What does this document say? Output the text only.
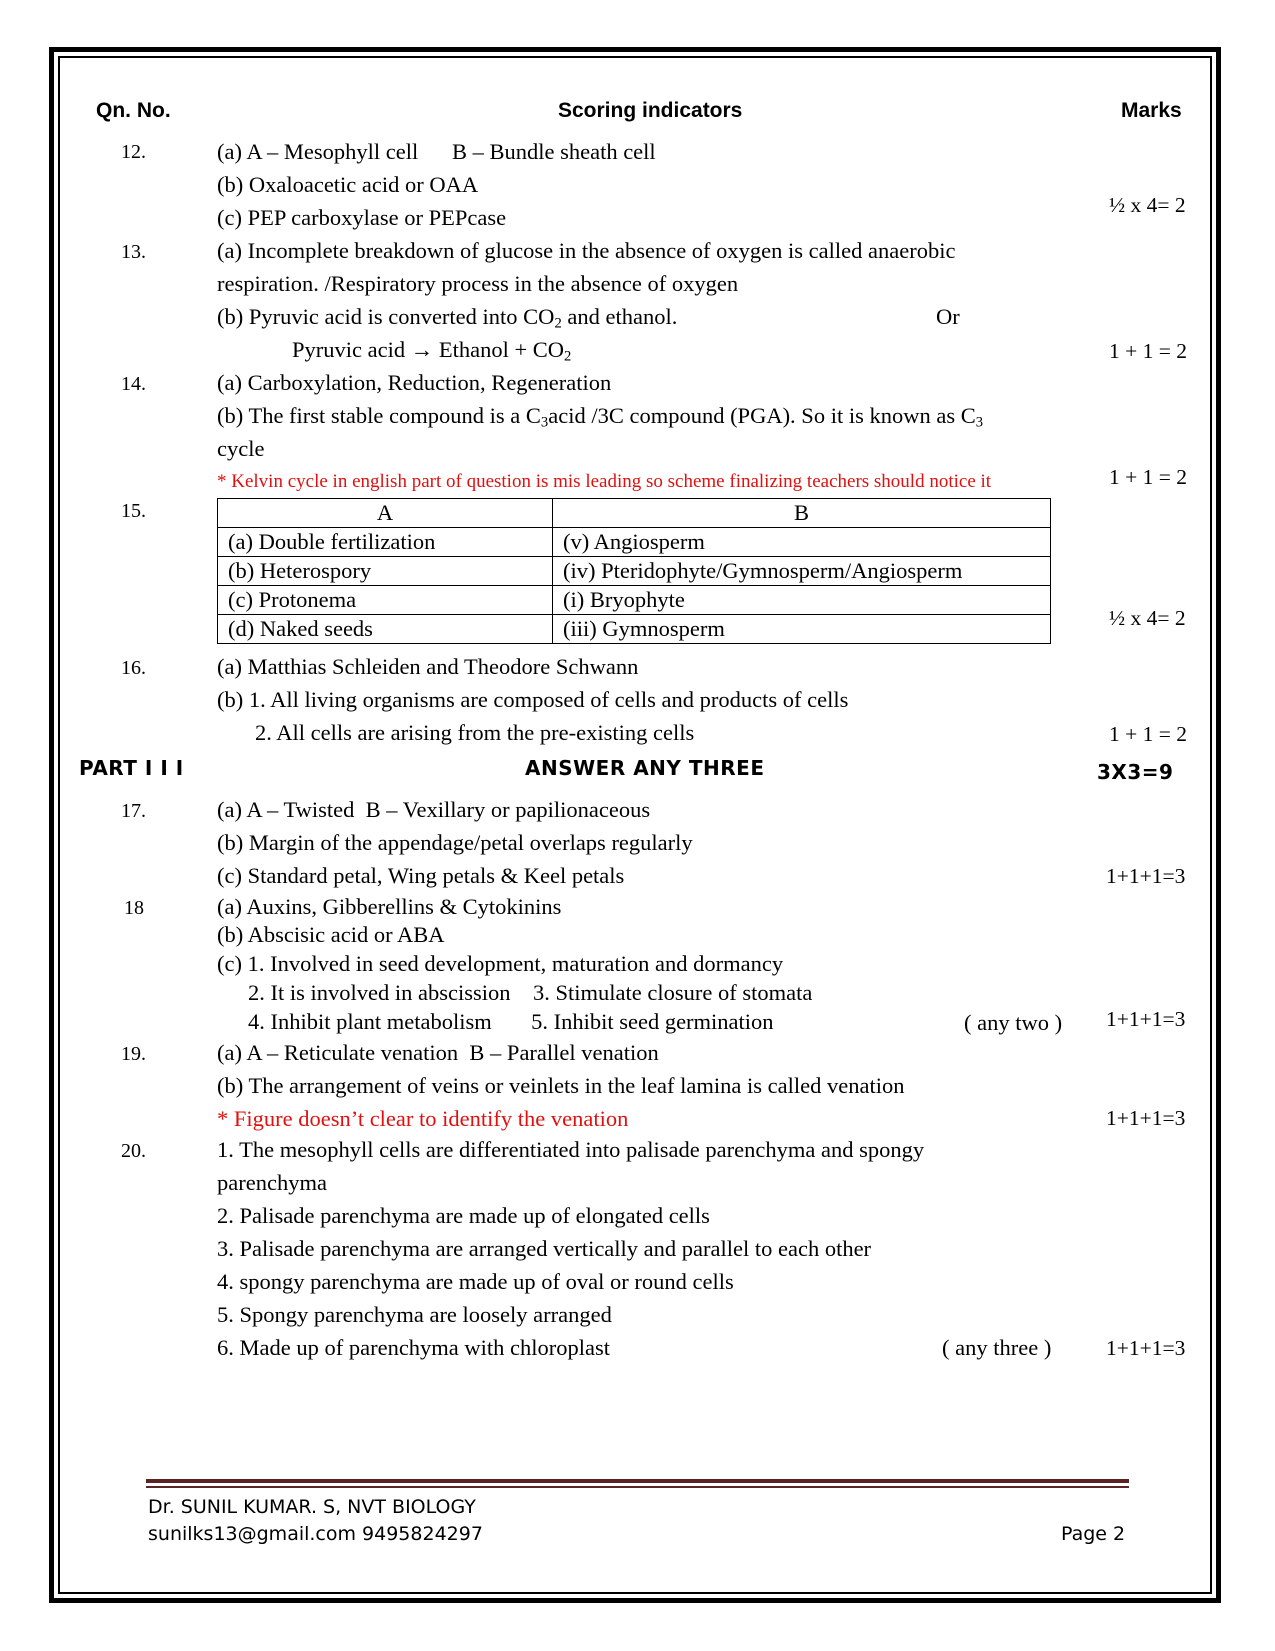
Qn. No.	Scoring indicators	Marks
12.	(a) A – Mesophyll cell      B – Bundle sheath cell
(b) Oxaloacetic acid or OAA
(c) PEP carboxylase or PEPcase	½ x 4= 2
13.	(a) Incomplete breakdown of glucose in the absence of oxygen is called anaerobic
respiration. /Respiratory process in the absence of oxygen
(b) Pyruvic acid is converted into $CO_2$ and ethanol.	Or
Pyruvic acid → Ethanol + $CO_2$	1 + 1 = 2
14.	(a) Carboxylation, Reduction, Regeneration
(b) The first stable compound is a $C_3acid$ /3C compound (PGA). So it is known as $C_3$
cycle
* Kelvin cycle in english part of question is mis leading so scheme finalizing teachers should notice it	1 + 1 = 2
15.	A	B
(a) Double fertilization	(v) Angiosperm
(b) Heterospory	(iv) Pteridophyte/Gymnosperm/Angiosperm
(c) Protonema	(i) Bryophyte
(d) Naked seeds	(iii) Gymnosperm	½ x 4= 2
16.	(a) Matthias Schleiden and Theodore Schwann
(b) 1. All living organisms are composed of cells and products of cells
2. All cells are arising from the pre-existing cells	1 + 1 = 2
PART I I I	ANSWER ANY THREE	3X3=9
17.	(a) A – Twisted  B – Vexillary or papilionaceous
(b) Margin of the appendage/petal overlaps regularly
(c) Standard petal, Wing petals & Keel petals	1+1+1=3
18	(a) Auxins, Gibberellins & Cytokinins
(b) Abscisic acid or ABA
(c) 1. Involved in seed development, maturation and dormancy
2. It is involved in abscission    3. Stimulate closure of stomata
4. Inhibit plant metabolism       5. Inhibit seed germination	( any two ) 1+1+1=3
19.	(a) A – Reticulate venation  B – Parallel venation
(b) The arrangement of veins or veinlets in the leaf lamina is called venation
* Figure doesn’t clear to identify the venation	1+1+1=3
20.	1. The mesophyll cells are differentiated into palisade parenchyma and spongy
parenchyma
2. Palisade parenchyma are made up of elongated cells
3. Palisade parenchyma are arranged vertically and parallel to each other
4. spongy parenchyma are made up of oval or round cells
5. Spongy parenchyma are loosely arranged
6. Made up of parenchyma with chloroplast	( any three )	1+1+1=3
Dr. SUNIL KUMAR. S, NVT BIOLOGY
sunilks13@gmail.com 9495824297	Page 2
